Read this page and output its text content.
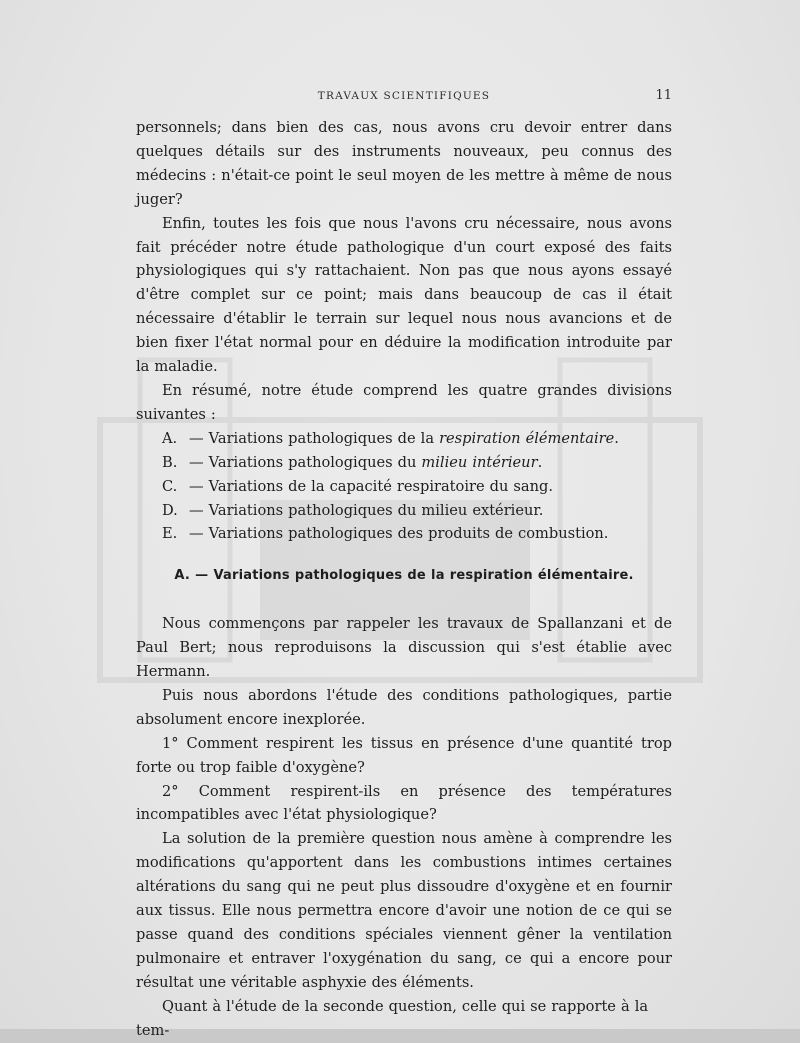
TRAVAUX SCIENTIFIQUES	11

personnels; dans bien des cas, nous avons cru devoir entrer dans quelques détails sur des instruments nouveaux, peu connus des médecins : n'était-ce point le seul moyen de les mettre à même de nous juger?

Enfin, toutes les fois que nous l'avons cru nécessaire, nous avons fait précéder notre étude pathologique d'un court exposé des faits physiologiques qui s'y rattachaient. Non pas que nous ayons essayé d'être complet sur ce point; mais dans beaucoup de cas il était nécessaire d'établir le terrain sur lequel nous nous avancions et de bien fixer l'état normal pour en déduire la modification introduite par la maladie.

En résumé, notre étude comprend les quatre grandes divisions suivantes :

A. — Variations pathologiques de la respiration élémentaire.

B. — Variations pathologiques du milieu intérieur.

C. — Variations de la capacité respiratoire du sang.

D. — Variations pathologiques du milieu extérieur.

E. — Variations pathologiques des produits de combustion.

A. — Variations pathologiques de la respiration élémentaire.

Nous commençons par rappeler les travaux de Spallanzani et de Paul Bert; nous reproduisons la discussion qui s'est établie avec Hermann.

Puis nous abordons l'étude des conditions pathologiques, partie absolument encore inexplorée.

1° Comment respirent les tissus en présence d'une quantité trop forte ou trop faible d'oxygène?

2° Comment respirent-ils en présence des températures incompatibles avec l'état physiologique?

La solution de la première question nous amène à comprendre les modifications qu'apportent dans les combustions intimes certaines altérations du sang qui ne peut plus dissoudre d'oxygène et en fournir aux tissus. Elle nous permettra encore d'avoir une notion de ce qui se passe quand des conditions spéciales viennent gêner la ventilation pulmonaire et entraver l'oxygénation du sang, ce qui a encore pour résultat une véritable asphyxie des éléments.

Quant à l'étude de la seconde question, celle qui se rapporte à la tem-
